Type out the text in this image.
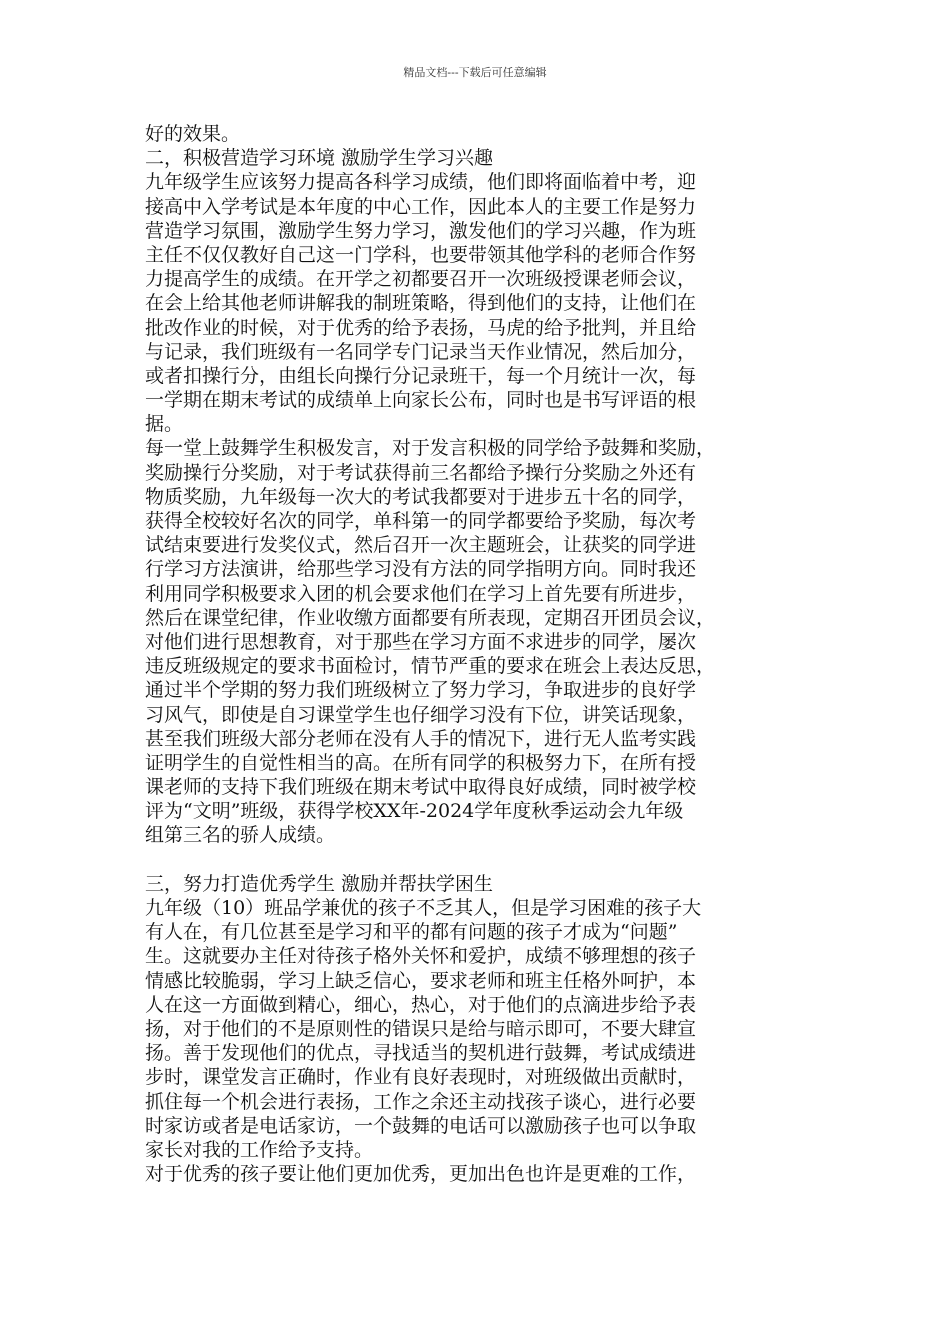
精品文档---下载后可任意编辑
好的效果。
二，积极营造学习环境 激励学生学习兴趣
九年级学生应该努力提高各科学习成绩，他们即将面临着中考，迎
接高中入学考试是本年度的中心工作，因此本人的主要工作是努力
营造学习氛围，激励学生努力学习，激发他们的学习兴趣，作为班
主任不仅仅教好自己这一门学科，也要带领其他学科的老师合作努
力提高学生的成绩。在开学之初都要召开一次班级授课老师会议，
在会上给其他老师讲解我的制班策略，得到他们的支持，让他们在
批改作业的时候，对于优秀的给予表扬，马虎的给予批判，并且给
与记录，我们班级有一名同学专门记录当天作业情况，然后加分，
或者扣操行分，由组长向操行分记录班干，每一个月统计一次，每
一学期在期末考试的成绩单上向家长公布，同时也是书写评语的根
据。
每一堂上鼓舞学生积极发言，对于发言积极的同学给予鼓舞和奖励，
奖励操行分奖励，对于考试获得前三名都给予操行分奖励之外还有
物质奖励，九年级每一次大的考试我都要对于进步五十名的同学，
获得全校较好名次的同学，单科第一的同学都要给予奖励，每次考
试结束要进行发奖仪式，然后召开一次主题班会，让获奖的同学进
行学习方法演讲，给那些学习没有方法的同学指明方向。同时我还
利用同学积极要求入团的机会要求他们在学习上首先要有所进步，
然后在课堂纪律，作业收缴方面都要有所表现，定期召开团员会议，
对他们进行思想教育，对于那些在学习方面不求进步的同学，屡次
违反班级规定的要求书面检讨，情节严重的要求在班会上表达反思，
通过半个学期的努力我们班级树立了努力学习，争取进步的良好学
习风气，即使是自习课堂学生也仔细学习没有下位，讲笑话现象，
甚至我们班级大部分老师在没有人手的情况下，进行无人监考实践
证明学生的自觉性相当的高。在所有同学的积极努力下，在所有授
课老师的支持下我们班级在期末考试中取得良好成绩，同时被学校
评为“文明”班级，获得学校XX年-2024学年度秋季运动会九年级
组第三名的骄人成绩。
三，努力打造优秀学生 激励并帮扶学困生
九年级（10）班品学兼优的孩子不乏其人，但是学习困难的孩子大
有人在，有几位甚至是学习和平的都有问题的孩子才成为“问题”
生。这就要办主任对待孩子格外关怀和爱护，成绩不够理想的孩子
情感比较脆弱，学习上缺乏信心，要求老师和班主任格外呵护，本
人在这一方面做到精心，细心，热心，对于他们的点滴进步给予表
扬，对于他们的不是原则性的错误只是给与暗示即可，不要大肆宣
扬。善于发现他们的优点，寻找适当的契机进行鼓舞，考试成绩进
步时，课堂发言正确时，作业有良好表现时，对班级做出贡献时，
抓住每一个机会进行表扬，工作之余还主动找孩子谈心，进行必要
时家访或者是电话家访，一个鼓舞的电话可以激励孩子也可以争取
家长对我的工作给予支持。
对于优秀的孩子要让他们更加优秀，更加出色也许是更难的工作，
